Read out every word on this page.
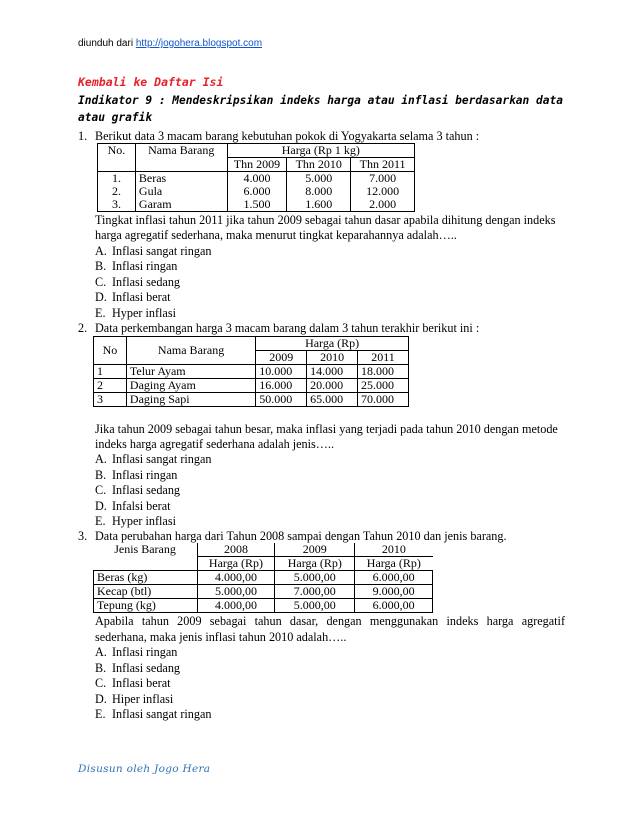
diunduh dari http://jogohera.blogspot.com
Kembali ke Daftar Isi
Indikator 9 : Mendeskripsikan indeks harga atau inflasi berdasarkan data atau grafik
1. Berikut data 3 macam barang kebutuhan pokok di Yogyakarta selama 3 tahun :
No.	Nama Barang	Harga (Rp 1 kg)		
		Thn 2009	Thn 2010	Thn 2011
1.	Beras	4.000	5.000	7.000
2.	Gula	6.000	8.000	12.000
3.	Garam	1.500	1.600	2.000
Tingkat inflasi tahun 2011 jika tahun 2009 sebagai tahun dasar apabila dihitung dengan indeks
harga agregatif sederhana, maka menurut tingkat keparahannya adalah…..
A. Inflasi sangat ringan
B. Inflasi ringan
C. Inflasi sedang
D. Inflasi berat
E. Hyper inflasi
2. Data perkembangan harga 3 macam barang dalam 3 tahun terakhir berikut ini :
No	Nama Barang	Harga (Rp)		
		2009	2010	2011
1	Telur Ayam	10.000	14.000	18.000
2	Daging Ayam	16.000	20.000	25.000
3	Daging Sapi	50.000	65.000	70.000
Jika tahun 2009 sebagai tahun besar, maka inflasi yang terjadi pada tahun 2010 dengan metode
indeks harga agregatif sederhana adalah jenis…..
A. Inflasi sangat ringan
B. Inflasi ringan
C. Inflasi sedang
D. Infalsi berat
E. Hyper inflasi
3. Data perubahan harga dari Tahun 2008 sampai dengan Tahun 2010 dan jenis barang.
Jenis Barang	2008	2009	2010
	Harga (Rp)	Harga (Rp)	Harga (Rp)
Beras (kg)	4.000,00	5.000,00	6.000,00
Kecap (btl)	5.000,00	7.000,00	9.000,00
Tepung (kg)	4.000,00	5.000,00	6.000,00
Apabila tahun 2009 sebagai tahun dasar, dengan menggunakan indeks harga agregatif
sederhana, maka jenis inflasi tahun 2010 adalah…..
A. Inflasi ringan
B. Inflasi sedang
C. Inflasi berat
D. Hiper inflasi
E. Inflasi sangat ringan
Disusun oleh Jogo Hera
